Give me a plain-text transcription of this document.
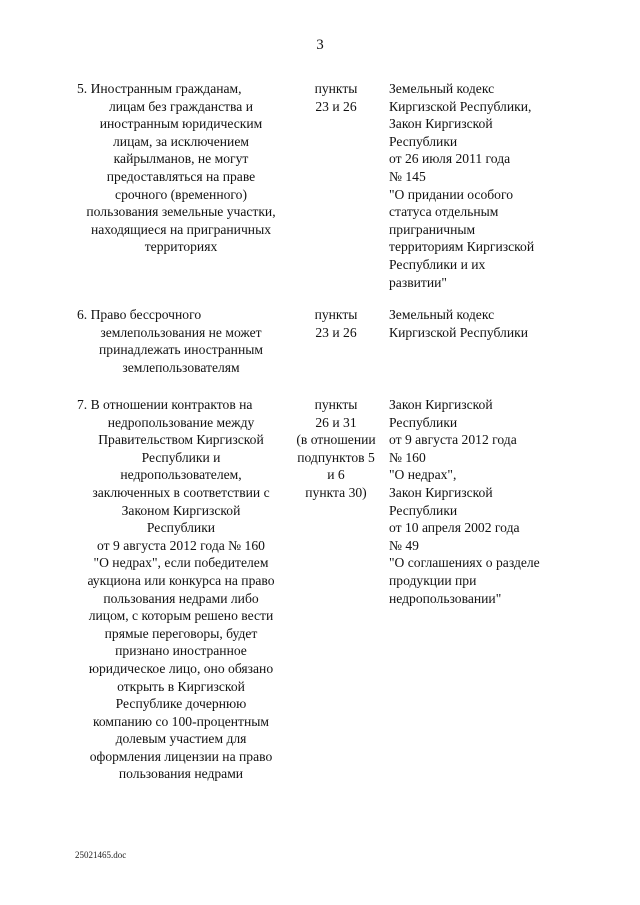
3
5. Иностранным гражданам,
лицам без гражданства и
иностранным юридическим
лицам, за исключением
кайрылманов, не могут
предоставляться на праве
срочного (временного)
пользования земельные участки,
находящиеся на приграничных
территориях
пункты
23 и 26
Земельный кодекс
Киргизской Республики,
Закон Киргизской
Республики
от 26 июля 2011 года
№ 145
"О придании особого
статуса отдельным
приграничным
территориям Киргизской
Республики и их
развитии"
6. Право бессрочного
землепользования не может
принадлежать иностранным
землепользователям
пункты
23 и 26
Земельный кодекс
Киргизской Республики
7. В отношении контрактов на
недропользование между
Правительством Киргизской
Республики и
недропользователем,
заключенных в соответствии с
Законом Киргизской
Республики
от 9 августа 2012 года № 160
"О недрах", если победителем
аукциона или конкурса на право
пользования недрами либо
лицом, с которым решено вести
прямые переговоры, будет
признано иностранное
юридическое лицо, оно обязано
открыть в Киргизской
Республике дочернюю
компанию со 100-процентным
долевым участием для
оформления лицензии на право
пользования недрами
пункты
26 и 31
(в отношении
подпунктов 5
и 6
пункта 30)
Закон Киргизской
Республики
от 9 августа 2012 года
№ 160
"О недрах",
Закон Киргизской
Республики
от 10 апреля 2002 года
№ 49
"О соглашениях о разделе
продукции при
недропользовании"
25021465.doc
